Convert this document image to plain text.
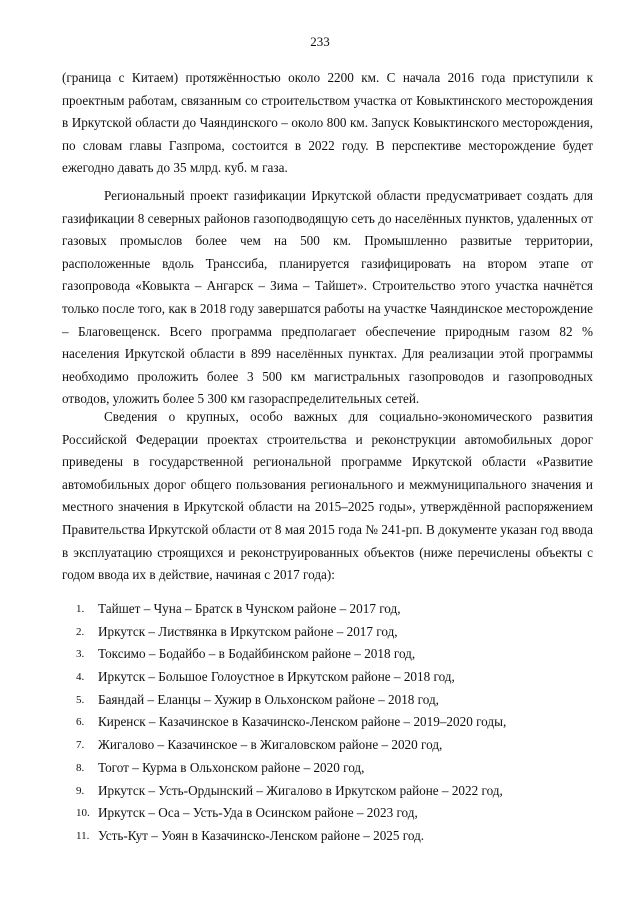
233

(граница с Китаем) протяжённостью около 2200 км. С начала 2016 года приступили к проектным работам, связанным со строительством участка от Ковыктинского месторождения в Иркутской области до Чаяндинского – около 800 км. Запуск Ковыктинского месторождения, по словам главы Газпрома, состоится в 2022 году. В перспективе месторождение будет ежегодно давать до 35 млрд. куб. м газа.

Региональный проект газификации Иркутской области предусматривает создать для газификации 8 северных районов газоподводящую сеть до населённых пунктов, удаленных от газовых промыслов более чем на 500 км. Промышленно развитые территории, расположенные вдоль Транссиба, планируется газифицировать на втором этапе от газопровода «Ковыкта – Ангарск – Зима – Тайшет». Строительство этого участка начнётся только после того, как в 2018 году завершатся работы на участке Чаяндинское месторождение – Благовещенск. Всего программа предполагает обеспечение природным газом 82 % населения Иркутской области в 899 населённых пунктах. Для реализации этой программы необходимо проложить более 3 500 км магистральных газопроводов и газопроводных отводов, уложить более 5 300 км газораспределительных сетей.

Сведения о крупных, особо важных для социально-экономического развития Российской Федерации проектах строительства и реконструкции автомобильных дорог приведены в государственной региональной программе Иркутской области «Развитие автомобильных дорог общего пользования регионального и межмуниципального значения и местного значения в Иркутской области на 2015–2025 годы», утверждённой распоряжением Правительства Иркутской области от 8 мая 2015 года № 241-рп. В документе указан год ввода в эксплуатацию строящихся и реконструированных объектов (ниже перечислены объекты с годом ввода их в действие, начиная с 2017 года):

1.	Тайшет – Чуна – Братск в Чунском районе – 2017 год,
2.	Иркутск – Листвянка в Иркутском районе – 2017 год,
3.	Токсимо – Бодайбо – в Бодайбинском районе – 2018 год,
4.	Иркутск – Большое Голоустное в Иркутском районе – 2018 год,
5.	Баяндай – Еланцы – Хужир в Ольхонском районе – 2018 год,
6.	Киренск – Казачинское в Казачинско-Ленском районе – 2019–2020 годы,
7.	Жигалово – Казачинское – в Жигаловском районе – 2020 год,
8.	Тогот – Курма в Ольхонском районе – 2020 год,
9.	Иркутск – Усть-Ордынский – Жигалово в Иркутском районе – 2022 год,
10. Иркутск – Оса – Усть-Уда в Осинском районе – 2023 год,
11. Усть-Кут – Уоян в Казачинско-Ленском районе – 2025 год.
